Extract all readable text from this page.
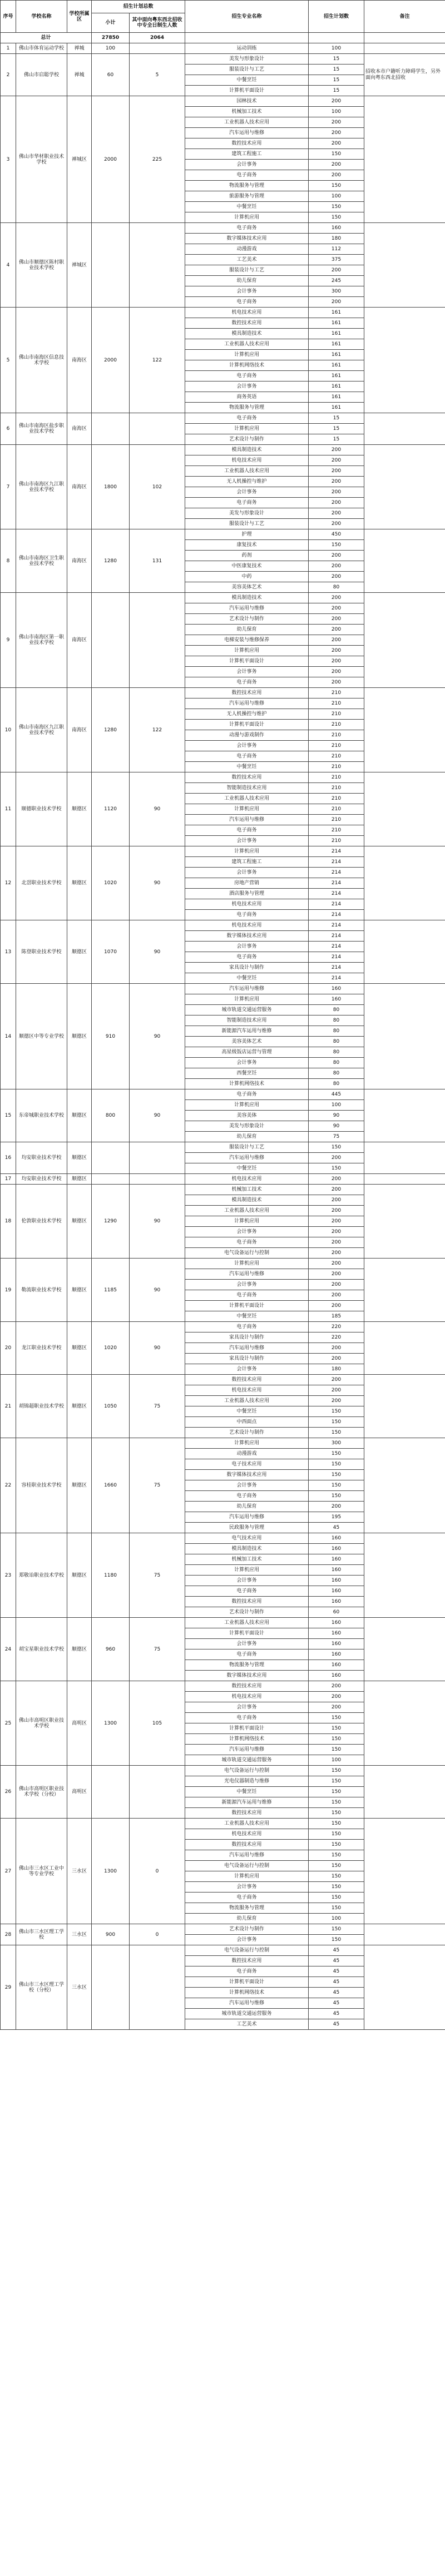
序号	学校名称	学校所属区	招生计划总数		招生专业名称	招生计划数	备注
			小计	其中面向粤东西北招收中专全日制生人数			
总计			27850	2064			
1	佛山市体育运动学校	禅城	100		运动训练	100	
2	佛山市启聪学校	禅城	60	5	美发与形象设计	15	招收本市户籍听力障碍学生，另外面向粤东西北招收
					服装设计与工艺	15	
					中餐烹饪	15	
					计算机平面设计	15	
3	佛山市华材职业技术学校	禅城区	2000	225	园林技术	200	
					机械加工技术	100	
					工业机器人技术应用	200	
					汽车运用与维修	200	
					数控技术应用	200	
					建筑工程施工	150	
					会计事务	200	
					电子商务	200	
					物流服务与管理	150	
					旅游服务与管理	100	
					中餐烹饪	150	
					计算机应用	150	
4	佛山市顺德区陈村职业技术学校	禅城区			电子商务	160	
					数字媒体技术应用	180	
					动漫游戏	112	
					工艺美术	375	
					服装设计与工艺	200	
					幼儿保育	245	
					会计事务	300	
					电子商务	200	
5	佛山市南海区信息技术学校	南海区	2000	122	机电技术应用	161	
					数控技术应用	161	
					模具制造技术	161	
					工业机器人技术应用	161	
					计算机应用	161	
					计算机网络技术	161	
					电子商务	161	
					会计事务	161	
					商务英语	161	
					物流服务与管理	161	
6	佛山市南海区盐步职业技术学校	南海区			电子商务	15	
					计算机应用	15	
					艺术设计与制作	15	
7	佛山市南海区九江职业技术学校	南海区	1800	102	模具制造技术	200	
					机电技术应用	200	
					工业机器人技术应用	200	
					无人机操控与维护	200	
					会计事务	200	
					电子商务	200	
					美发与形象设计	200	
					服装设计与工艺	200	
8	佛山市南海区卫生职业技术学校	南海区	1280	131	护理	450	
					康复技术	150	
					药剂	200	
					中医康复技术	200	
					中药	200	
					美容美体艺术	80	
9	佛山市南海区第一职业技术学校	南海区			模具制造技术	200	
					汽车运用与维修	200	
					艺术设计与制作	200	
					幼儿保育	200	
					电梯安装与维修保养	200	
					计算机应用	200	
					计算机平面设计	200	
					会计事务	200	
					电子商务	200	
10	佛山市南海区九江职业技术学校	南海区	1280	122	数控技术应用	210	
					汽车运用与维修	210	
					无人机操控与维护	210	
					计算机平面设计	210	
					动漫与游戏制作	210	
					会计事务	210	
					电子商务	210	
					中餐烹饪	210	
11	顺德职业技术学校	顺德区	1120	90	数控技术应用	210	
					智能制造技术应用	210	
					工业机器人技术应用	210	
					计算机应用	210	
					汽车运用与维修	210	
					电子商务	210	
					会计事务	210	
12	北滘职业技术学校	顺德区	1020	90	计算机应用	214	
					建筑工程施工	214	
					会计事务	214	
					房地产营销	214	
					酒店服务与管理	214	
					机电技术应用	214	
					电子商务	214	
13	陈登职业技术学校	顺德区	1070	90	机电技术应用	214	
					数字媒体技术应用	214	
					会计事务	214	
					电子商务	214	
					家具设计与制作	214	
					中餐烹饪	214	
14	顺德区中等专业学校	顺德区	910	90	汽车运用与维修	160	
					计算机应用	160	
					城市轨道交通运营服务	80	
					智能制造技术应用	80	
					新能源汽车运用与维修	80	
					美容美体艺术	80	
					高星级饭店运营与管理	80	
					会计事务	80	
					西餐烹饪	80	
					计算机网络技术	80	
15	东帝城职业技术学校	顺德区	800	90	电子商务	445	
					计算机应用	100	
					美容美体	90	
					美发与形象设计	90	
					幼儿保育	75	
16	均安职业技术学校	顺德区			服装设计与工艺	150	
					汽车运用与维修	200	
					中餐烹饪	150	
17	均安职业技术学校	顺德区			机电技术应用	200	
18	伦敦职业技术学校	顺德区	1290	90	机械加工技术	200	
					模具制造技术	200	
					工业机器人技术应用	200	
					计算机应用	200	
					会计事务	200	
					电子商务	200	
					电气设备运行与控制	200	
19	勒流职业技术学校	顺德区	1185	90	计算机应用	200	
					汽车运用与维修	200	
					会计事务	200	
					电子商务	200	
					计算机平面设计	200	
					中餐烹饪	185	
20	龙江职业技术学校	顺德区	1020	90	电子商务	220	
					家具设计与制作	220	
					汽车运用与维修	200	
					家具设计与制作	200	
					会计事务	180	
21	胡锦超职业技术学校	顺德区	1050	75	数控技术应用	200	
					机电技术应用	200	
					工业机器人技术应用	200	
					中餐烹饪	150	
					中西面点	150	
					艺术设计与制作	150	
22	容桂职业技术学校	顺德区	1660	75	计算机应用	300	
					动漫游戏	150	
					电子技术应用	150	
					数字媒体技术应用	150	
					会计事务	150	
					电子商务	150	
					幼儿保育	200	
					汽车运用与维修	195	
					民政服务与管理	45	
23	郑敬诒职业技术学校	顺德区	1180	75	电气技术应用	160	
					模具制造技术	160	
					机械加工技术	160	
					计算机应用	160	
					会计事务	160	
					电子商务	160	
					数控技术应用	160	
					艺术设计与制作	60	
24	胡宝星职业技术学校	顺德区	960	75	工业机器人技术应用	160	
					计算机平面设计	160	
					会计事务	160	
					电子商务	160	
					物流服务与管理	160	
					数字媒体技术应用	160	
25	佛山市高明区职业技术学校	高明区	1300	105	数控技术应用	200	
					机电技术应用	200	
					会计事务	200	
					电子商务	150	
					计算机平面设计	150	
					计算机网络技术	150	
					汽车运用与维修	150	
					城市轨道交通运营服务	100	
26	佛山市高明区职业技术学校（分校）	高明区			电气设备运行与控制	150	
					光电仪器制造与维修	150	
					中餐烹饪	150	
					新能源汽车运用与维修	150	
					数控技术应用	150	
27	佛山市三水区工业中等专业学校	三水区	1300	0	工业机器人技术应用	150	
					机电技术应用	150	
					数控技术应用	150	
					汽车运用与维修	150	
					电气设备运行与控制	150	
					计算机应用	150	
					会计事务	150	
					电子商务	150	
					物流服务与管理	150	
					幼儿保育	100	
28	佛山市三水区理工学校	三水区	900	0	艺术设计与制作	150	
					会计事务	150	
29	佛山市三水区理工学校（分校）	三水区			电气设备运行与控制	45	
					数控技术应用	45	
					电子商务	45	
					计算机平面设计	45	
					计算机网络技术	45	
					汽车运用与维修	45	
					城市轨道交通运营服务	45	
					工艺美术	45	
